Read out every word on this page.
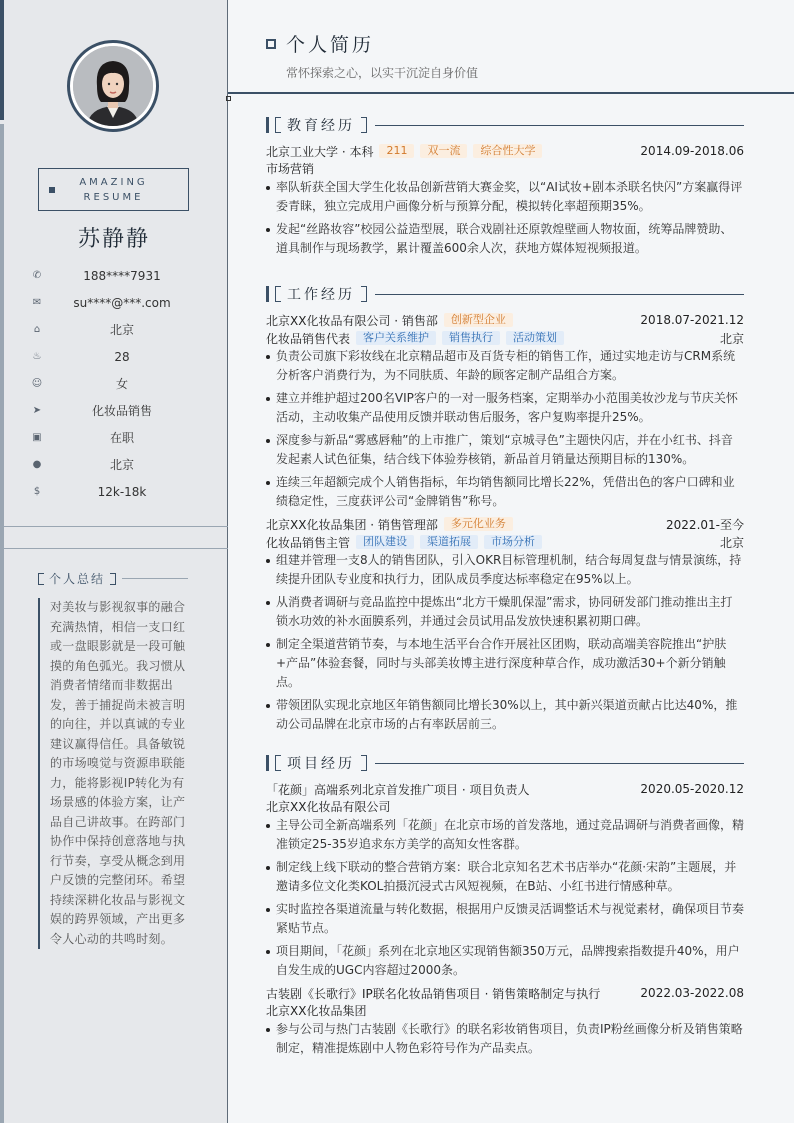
AMAZING
RESUME
苏静静
✆	188****7931
✉	su****@***.com
⌂	北京
♨	28
☺	女
➤	化妆品销售
▣	在职
●	北京
$	12k-18k
个人总结
对美妆与影视叙事的融合充满热情，相信一支口红或一盘眼影就是一段可触摸的角色弧光。我习惯从消费者情绪而非数据出发，善于捕捉尚未被言明的向往，并以真诚的专业建议赢得信任。具备敏锐的市场嗅觉与资源串联能力，能将影视IP转化为有场景感的体验方案，让产品自己讲故事。在跨部门协作中保持创意落地与执行节奏，享受从概念到用户反馈的完整闭环。希望持续深耕化妆品与影视文娱的跨界领域，产出更多令人心动的共鸣时刻。
个人简历
常怀探索之心，以实干沉淀自身价值
教育经历
北京工业大学 · 本科	211	双一流	综合性大学	2014.09-2018.06
市场营销
率队斩获全国大学生化妆品创新营销大赛金奖，以“AI试妆+剧本杀联名快闪”方案赢得评委青睐，独立完成用户画像分析与预算分配，模拟转化率超预期35%。
发起“丝路妆容”校园公益造型展，联合戏剧社还原敦煌壁画人物妆面，统筹品牌赞助、道具制作与现场教学，累计覆盖600余人次，获地方媒体短视频报道。
工作经历
北京XX化妆品有限公司 · 销售部	创新型企业	2018.07-2021.12
化妆品销售代表	客户关系维护	销售执行	活动策划	北京
负责公司旗下彩妆线在北京精品超市及百货专柜的销售工作，通过实地走访与CRM系统分析客户消费行为，为不同肤质、年龄的顾客定制产品组合方案。
建立并维护超过200名VIP客户的一对一服务档案，定期举办小范围美妆沙龙与节庆关怀活动，主动收集产品使用反馈并联动售后服务，客户复购率提升25%。
深度参与新品“雾感唇釉”的上市推广，策划“京城寻色”主题快闪店，并在小红书、抖音发起素人试色征集，结合线下体验券核销，新品首月销量达预期目标的130%。
连续三年超额完成个人销售指标，年均销售额同比增长22%，凭借出色的客户口碑和业绩稳定性，三度获评公司“金牌销售”称号。
北京XX化妆品集团 · 销售管理部	多元化业务	2022.01-至今
化妆品销售主管	团队建设	渠道拓展	市场分析	北京
组建并管理一支8人的销售团队，引入OKR目标管理机制，结合每周复盘与情景演练，持续提升团队专业度和执行力，团队成员季度达标率稳定在95%以上。
从消费者调研与竞品监控中提炼出“北方干燥肌保湿”需求，协同研发部门推动推出主打锁水功效的补水面膜系列，并通过会员试用品发放快速积累初期口碑。
制定全渠道营销节奏，与本地生活平台合作开展社区团购，联动高端美容院推出“护肤+产品”体验套餐，同时与头部美妆博主进行深度种草合作，成功激活30+个新分销触点。
带领团队实现北京地区年销售额同比增长30%以上，其中新兴渠道贡献占比达40%，推动公司品牌在北京市场的占有率跃居前三。
项目经历
「花颜」高端系列北京首发推广项目 · 项目负责人	2020.05-2020.12
北京XX化妆品有限公司
主导公司全新高端系列「花颜」在北京市场的首发落地，通过竞品调研与消费者画像，精准锁定25-35岁追求东方美学的高知女性客群。
制定线上线下联动的整合营销方案：联合北京知名艺术书店举办“花颜·宋韵”主题展，并邀请多位文化类KOL拍摄沉浸式古风短视频，在B站、小红书进行情感种草。
实时监控各渠道流量与转化数据，根据用户反馈灵活调整话术与视觉素材，确保项目节奏紧贴节点。
项目期间，「花颜」系列在北京地区实现销售额350万元，品牌搜索指数提升40%，用户自发生成的UGC内容超过2000条。
古装剧《长歌行》IP联名化妆品销售项目 · 销售策略制定与执行	2022.03-2022.08
北京XX化妆品集团
参与公司与热门古装剧《长歌行》的联名彩妆销售项目，负责IP粉丝画像分析及销售策略制定，精准提炼剧中人物色彩符号作为产品卖点。
